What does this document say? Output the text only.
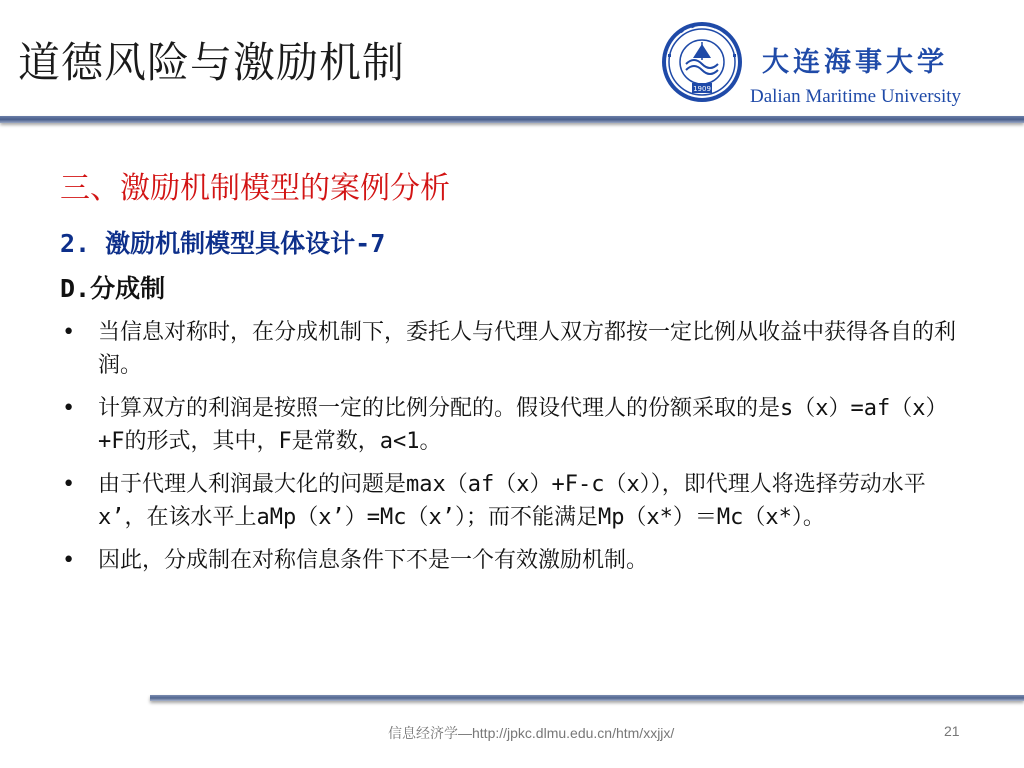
道德风险与激励机制
1909
大连海事大学
Dalian Maritime University
三、激励机制模型的案例分析
2. 激励机制模型具体设计-7
D.分成制
• 当信息对称时，在分成机制下，委托人与代理人双方都按一定比例从收益中获得各自的利润。
• 计算双方的利润是按照一定的比例分配的。假设代理人的份额采取的是s（x）=af（x）+F的形式，其中，F是常数，a<1。
• 由于代理人利润最大化的问题是max（af（x）+F-c（x）），即代理人将选择劳动水平x’，在该水平上aMp（x’）=Mc（x’）；而不能满足Mp（x*）＝Mc（x*）。
• 因此，分成制在对称信息条件下不是一个有效激励机制。
信息经济学—http://jpkc.dlmu.edu.cn/htm/xxjjx/	21
